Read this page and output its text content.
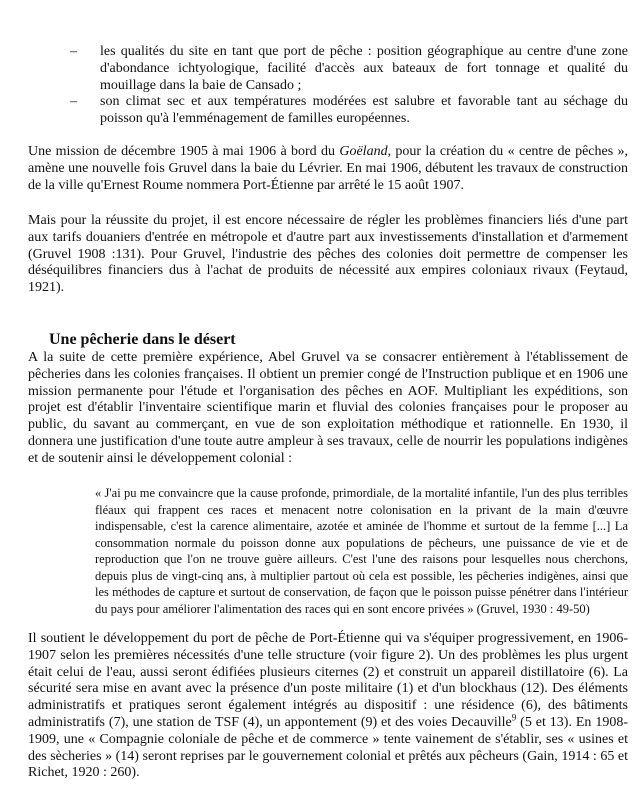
– les qualités du site en tant que port de pêche : position géographique au centre d'une zone d'abondance ichtyologique, facilité d'accès aux bateaux de fort tonnage et qualité du mouillage dans la baie de Cansado ;
– son climat sec et aux températures modérées est salubre et favorable tant au séchage du poisson qu'à l'emménagement de familles européennes.

Une mission de décembre 1905 à mai 1906 à bord du Goëland, pour la création du « centre de pêches », amène une nouvelle fois Gruvel dans la baie du Lévrier. En mai 1906, débutent les travaux de construction de la ville qu'Ernest Roume nommera Port-Étienne par arrêté le 15 août 1907.

Mais pour la réussite du projet, il est encore nécessaire de régler les problèmes financiers liés d'une part aux tarifs douaniers d'entrée en métropole et d'autre part aux investissements d'installation et d'armement (Gruvel 1908 :131). Pour Gruvel, l'industrie des pêches des colonies doit permettre de compenser les déséquilibres financiers dus à l'achat de produits de nécessité aux empires coloniaux rivaux (Feytaud, 1921).

Une pêcherie dans le désert

A la suite de cette première expérience, Abel Gruvel va se consacrer entièrement à l'établissement de pêcheries dans les colonies françaises. Il obtient un premier congé de l'Instruction publique et en 1906 une mission permanente pour l'étude et l'organisation des pêches en AOF. Multipliant les expéditions, son projet est d'établir l'inventaire scientifique marin et fluvial des colonies françaises pour le proposer au public, du savant au commerçant, en vue de son exploitation méthodique et rationnelle. En 1930, il donnera une justification d'une toute autre ampleur à ses travaux, celle de nourrir les populations indigènes et de soutenir ainsi le développement colonial :

« J'ai pu me convaincre que la cause profonde, primordiale, de la mortalité infantile, l'un des plus terribles fléaux qui frappent ces races et menacent notre colonisation en la privant de la main d'œuvre indispensable, c'est la carence alimentaire, azotée et aminée de l'homme et surtout de la femme [...] La consommation normale du poisson donne aux populations de pêcheurs, une puissance de vie et de reproduction que l'on ne trouve guère ailleurs. C'est l'une des raisons pour lesquelles nous cherchons, depuis plus de vingt-cinq ans, à multiplier partout où cela est possible, les pêcheries indigènes, ainsi que les méthodes de capture et surtout de conservation, de façon que le poisson puisse pénétrer dans l'intérieur du pays pour améliorer l'alimentation des races qui en sont encore privées » (Gruvel, 1930 : 49-50)

Il soutient le développement du port de pêche de Port-Étienne qui va s'équiper progressivement, en 1906-1907 selon les premières nécessités d'une telle structure (voir figure 2). Un des problèmes les plus urgent était celui de l'eau, aussi seront édifiées plusieurs citernes (2) et construit un appareil distillatoire (6). La sécurité sera mise en avant avec la présence d'un poste militaire (1) et d'un blockhaus (12). Des éléments administratifs et pratiques seront également intégrés au dispositif : une résidence (6), des bâtiments administratifs (7), une station de TSF (4), un appontement (9) et des voies Decauville$^9$ (5 et 13). En 1908-1909, une « Compagnie coloniale de pêche et de commerce » tente vainement de s'établir, ses « usines et des sècheries » (14) seront reprises par le gouvernement colonial et prêtés aux pêcheurs (Gain, 1914 : 65 et Richet, 1920 : 260).
